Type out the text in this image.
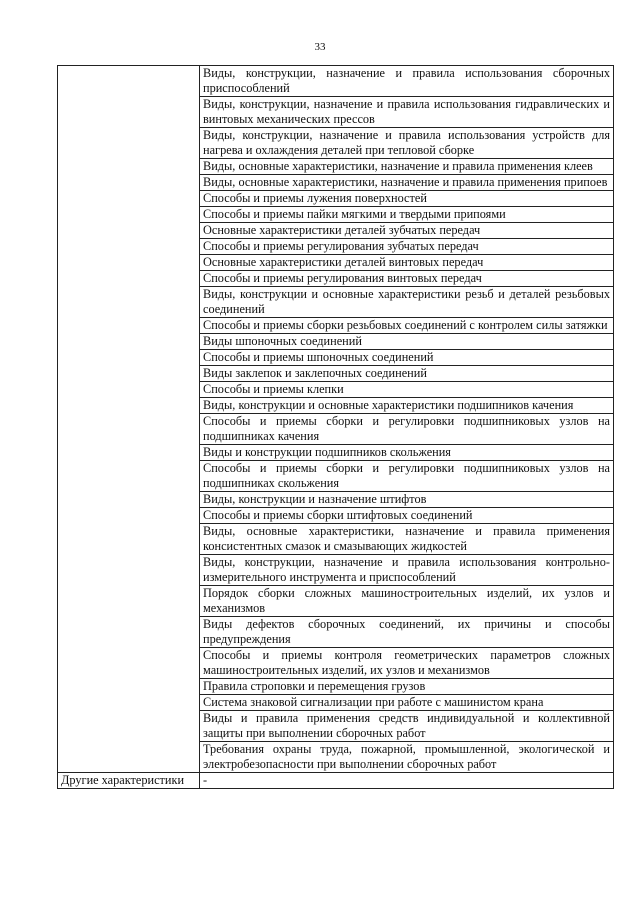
33
	Виды, конструкции, назначение и правила использования сборочных приспособлений
	Виды, конструкции, назначение и правила использования гидравлических и винтовых механических прессов
	Виды, конструкции, назначение и правила использования устройств для нагрева и охлаждения деталей при тепловой сборке
	Виды, основные характеристики, назначение и правила применения клеев
	Виды, основные характеристики, назначение и правила применения припоев
	Способы и приемы лужения поверхностей
	Способы и приемы пайки мягкими и твердыми припоями
	Основные характеристики деталей зубчатых передач
	Способы и приемы регулирования зубчатых передач
	Основные характеристики деталей винтовых передач
	Способы и приемы регулирования винтовых передач
	Виды, конструкции и основные характеристики резьб и деталей резьбовых соединений
	Способы и приемы сборки резьбовых соединений с контролем силы затяжки
	Виды шпоночных соединений
	Способы и приемы шпоночных соединений
	Виды заклепок и заклепочных соединений
	Способы и приемы клепки
	Виды, конструкции и основные характеристики подшипников качения
	Способы и приемы сборки и регулировки подшипниковых узлов на подшипниках качения
	Виды и конструкции подшипников скольжения
	Способы и приемы сборки и регулировки подшипниковых узлов на подшипниках скольжения
	Виды, конструкции и назначение штифтов
	Способы и приемы сборки штифтовых соединений
	Виды, основные характеристики, назначение и правила применения консистентных смазок и смазывающих жидкостей
	Виды, конструкции, назначение и правила использования контрольно-измерительного инструмента и приспособлений
	Порядок сборки сложных машиностроительных изделий, их узлов и механизмов
	Виды дефектов сборочных соединений, их причины и способы предупреждения
	Способы и приемы контроля геометрических параметров сложных машиностроительных изделий, их узлов и механизмов
	Правила строповки и перемещения грузов
	Система знаковой сигнализации при работе с машинистом крана
	Виды и правила применения средств индивидуальной и коллективной защиты при выполнении сборочных работ
	Требования охраны труда, пожарной, промышленной, экологической и электробезопасности при выполнении сборочных работ
Другие характеристики	-
